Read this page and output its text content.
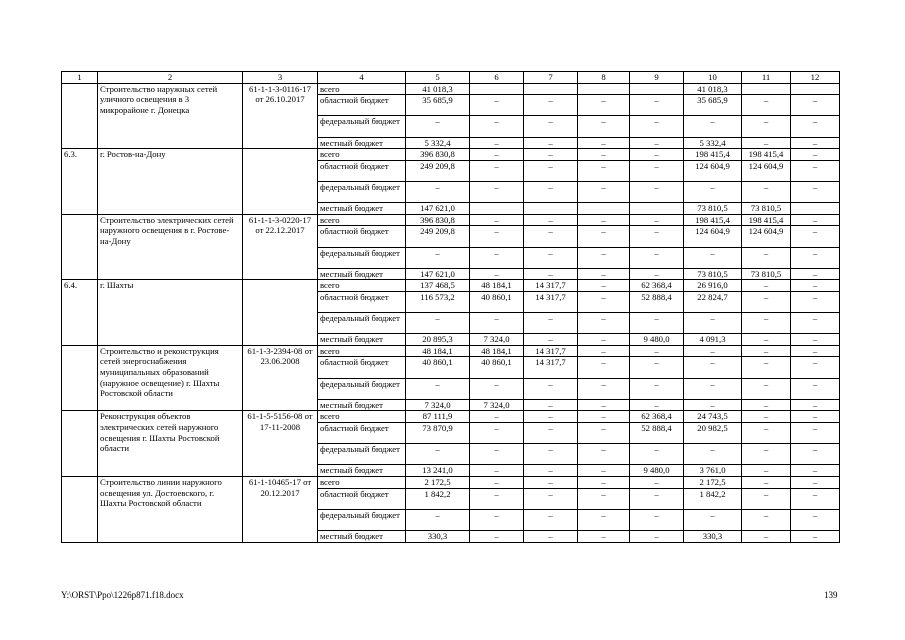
1	2	3	4	5	6	7	8	9	10	11	12
	Строительство наружных сетей уличного освещения в 3 микрорайоне г. Донецка	61-1-1-3-0116-17 от 26.10.2017	всего	41 018,3					41 018,3		
			областной бюджет	35 685,9	–	–	–	–	35 685,9	–	–
			федеральный бюджет	–	–	–	–	–	–	–	–
			местный бюджет	5 332,4	–	–	–	–	5 332,4	–	–
6.3.	г. Ростов-на-Дону		всего	396 830,8	–	–	–	–	198 415,4	198 415,4	–
			областной бюджет	249 209,8	–	–	–	–	124 604,9	124 604,9	–
			федеральный бюджет	–	–	–	–	–	–	–	–
			местный бюджет	147 621,0					73 810,5	73 810,5	
	Строительство электрических сетей наружного освещения в г. Ростове-на-Дону	61-1-1-3-0220-17 от 22.12.2017	всего	396 830,8	–	–	–	–	198 415,4	198 415,4	–
			областной бюджет	249 209,8	–	–	–	–	124 604,9	124 604,9	–
			федеральный бюджет	–	–	–	–	–	–	–	–
			местный бюджет	147 621,0	–	–	–	–	73 810,5	73 810,5	–
6.4.	г. Шахты		всего	137 468,5	48 184,1	14 317,7	–	62 368,4	26 916,0	–	–
			областной бюджет	116 573,2	40 860,1	14 317,7	–	52 888,4	22 824,7	–	–
			федеральный бюджет	–	–	–	–	–	–	–	–
			местный бюджет	20 895,3	7 324,0	–	–	9 480,0	4 091,3	–	–
	Строительство и реконструкция сетей энергоснабжения муниципальных образований (наружное освещение) г. Шахты Ростовской области	61-1-3-2394-08 от 23.06.2008	всего	48 184,1	48 184,1	14 317,7	–	–	–	–	–
			областной бюджет	40 860,1	40 860,1	14 317,7	–	–	–	–	–
			федеральный бюджет	–	–	–	–	–	–	–	–
			местный бюджет	7 324,0	7 324,0	–	–	–	–	–	–
	Реконструкция объектов электрических сетей наружного освещения г. Шахты Ростовской области	61-1-5-5156-08 от 17-11-2008	всего	87 111,9	–	–	–	62 368,4	24 743,5	–	–
			областной бюджет	73 870,9	–	–	–	52 888,4	20 982,5	–	–
			федеральный бюджет	–	–	–	–	–	–	–	–
			местный бюджет	13 241,0	–	–	–	9 480,0	3 761,0	–	–
	Строительство линии наружного освещения ул. Достоевского, г. Шахты Ростовской области	61-1-10465-17 от 20.12.2017	всего	2 172,5	–	–	–	–	2 172,5	–	–
			областной бюджет	1 842,2	–	–	–	–	1 842,2	–	–
			федеральный бюджет	–	–	–	–	–	–	–	–
			местный бюджет	330,3	–	–	–	–	330,3	–	–
Y:\ORST\Ppo\1226p871.f18.docx	139
